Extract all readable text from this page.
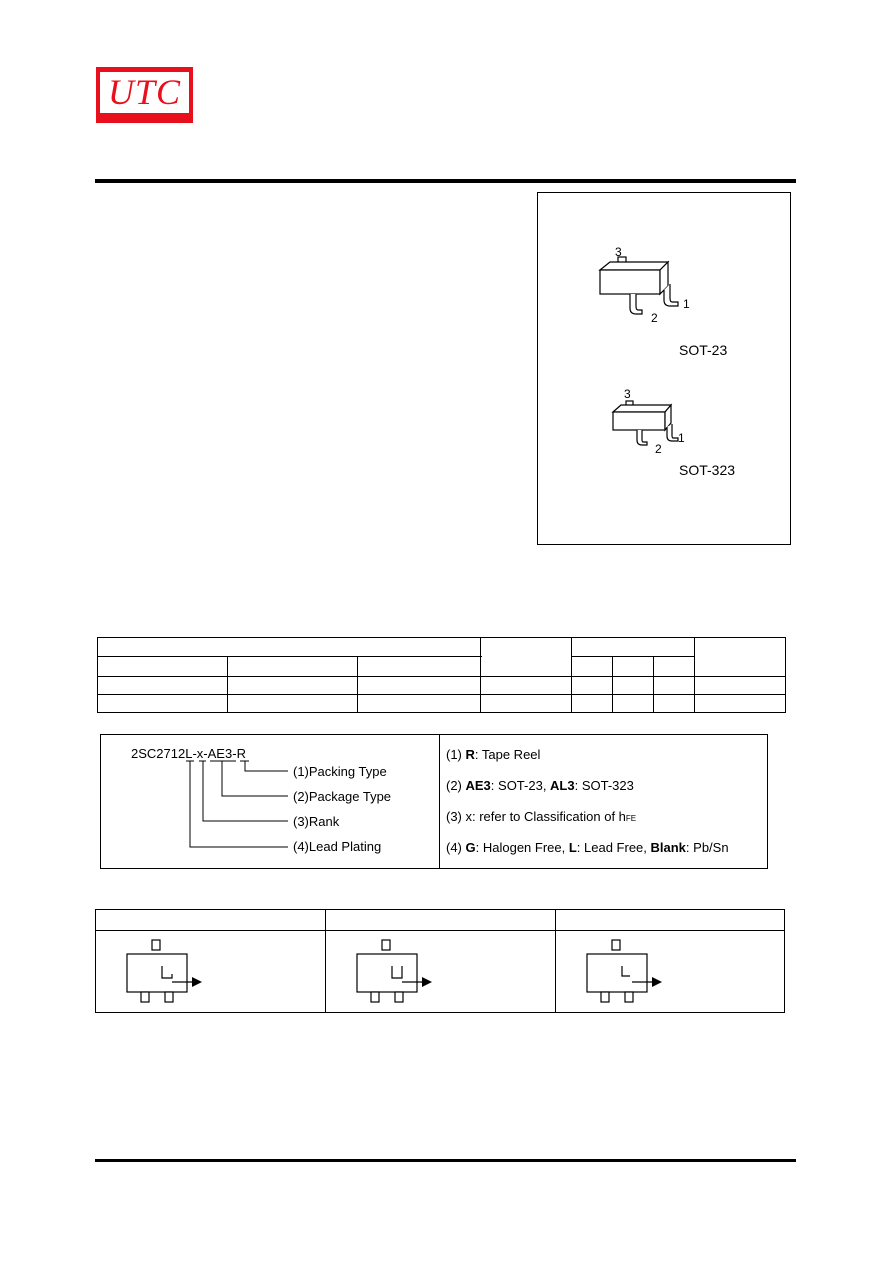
UTC
3
2
1
SOT-23
3
2
1
SOT-323

2SC2712L-x-AE3-R
(1)Packing Type
(2)Package Type
(3)Rank
(4)Lead Plating
(1) R: Tape Reel
(2) AE3: SOT-23, AL3: SOT-323
(3) x: refer to Classification of hFE
(4) G: Halogen Free, L: Lead Free, Blank: Pb/Sn
